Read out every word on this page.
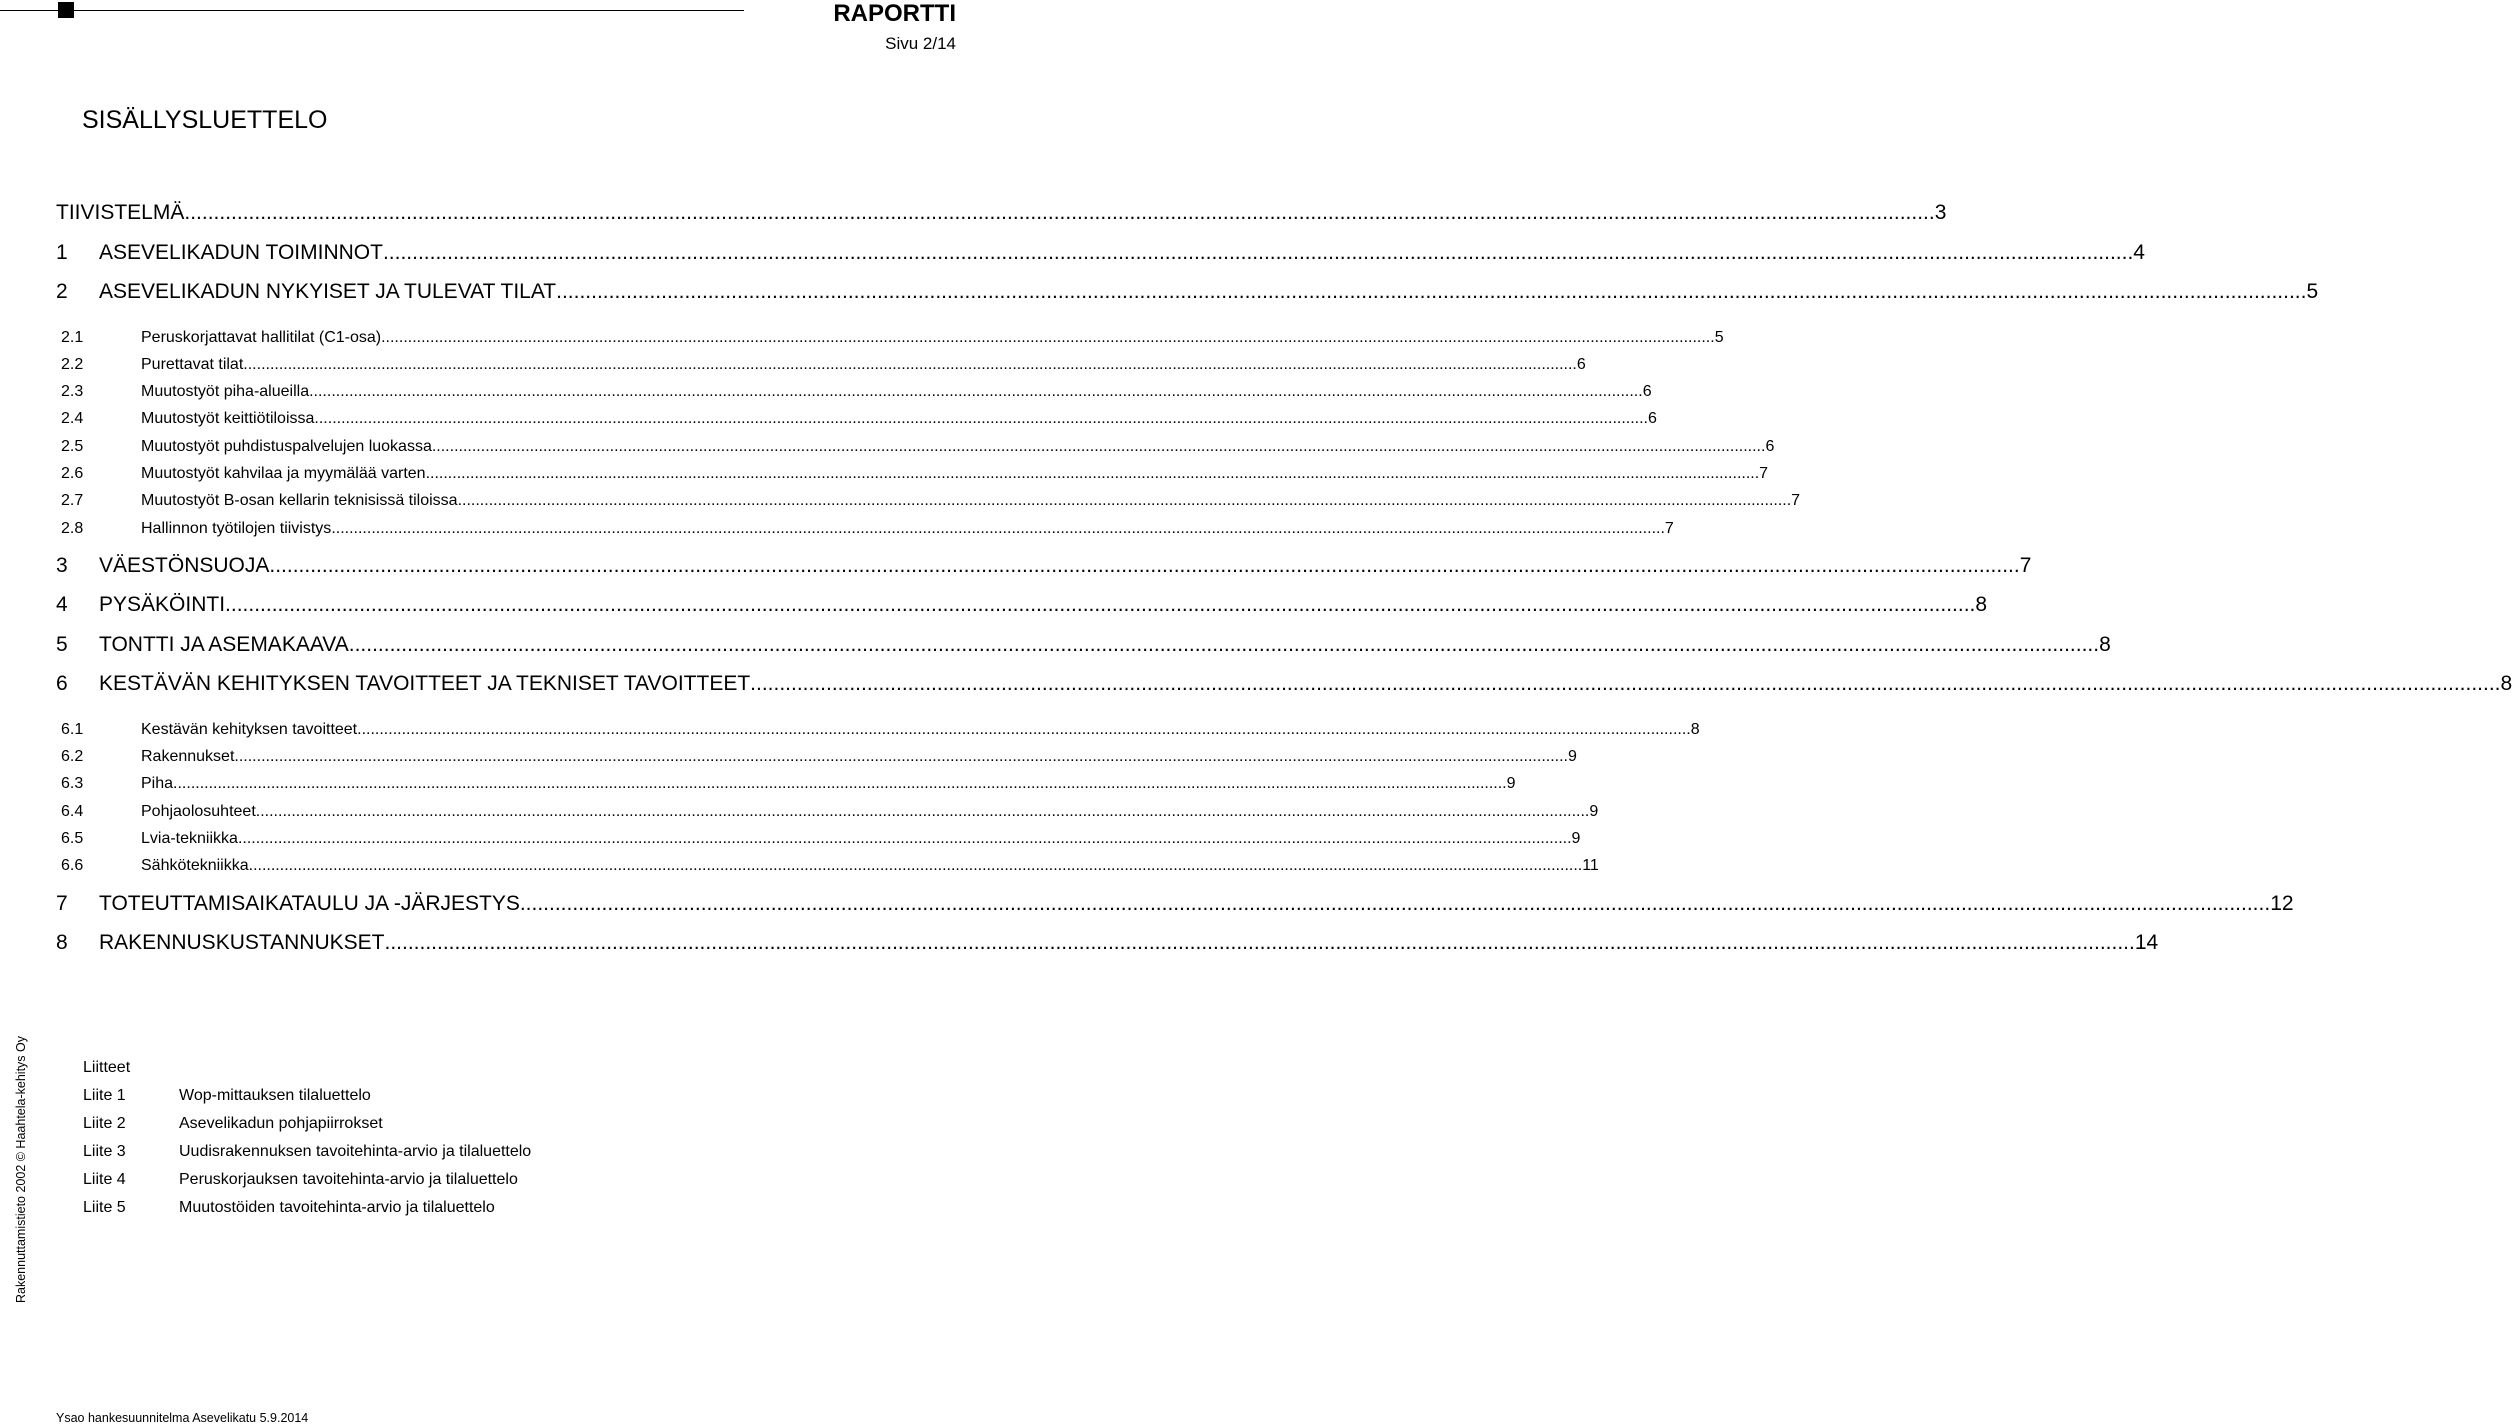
RAPORTTI
Sivu 2/14
SISÄLLYSLUETTELO
TIIVISTELMÄ ............................................................................................................................................................................................................................................................................................................ 3
1	ASEVELIKADUN TOIMINNOT ............................................................................................................................................................................................................................................................................................................ 4
2	ASEVELIKADUN NYKYISET JA TULEVAT TILAT ............................................................................................................................................................................................................................................................................................................ 5
2.1	Peruskorjattavat hallitilat (C1-osa) ............................................................................................................................................................................................................................................................................................................ 5
2.2	Purettavat tilat ............................................................................................................................................................................................................................................................................................................ 6
2.3	Muutostyöt piha-alueilla ............................................................................................................................................................................................................................................................................................................ 6
2.4	Muutostyöt keittiötiloissa ............................................................................................................................................................................................................................................................................................................ 6
2.5	Muutostyöt puhdistuspalvelujen luokassa ............................................................................................................................................................................................................................................................................................................ 6
2.6	Muutostyöt kahvilaa ja myymälää varten ............................................................................................................................................................................................................................................................................................................ 7
2.7	Muutostyöt B-osan kellarin teknisissä tiloissa ............................................................................................................................................................................................................................................................................................................ 7
2.8	Hallinnon työtilojen tiivistys ............................................................................................................................................................................................................................................................................................................ 7
3	VÄESTÖNSUOJA ............................................................................................................................................................................................................................................................................................................ 7
4	PYSÄKÖINTI ............................................................................................................................................................................................................................................................................................................ 8
5	TONTTI JA ASEMAKAAVA ............................................................................................................................................................................................................................................................................................................ 8
6	KESTÄVÄN KEHITYKSEN TAVOITTEET JA TEKNISET TAVOITTEET ............................................................................................................................................................................................................................................................................................................ 8
6.1	Kestävän kehityksen tavoitteet ............................................................................................................................................................................................................................................................................................................ 8
6.2	Rakennukset ............................................................................................................................................................................................................................................................................................................ 9
6.3	Piha ............................................................................................................................................................................................................................................................................................................ 9
6.4	Pohjaolosuhteet ............................................................................................................................................................................................................................................................................................................ 9
6.5	Lvia-tekniikka ............................................................................................................................................................................................................................................................................................................ 9
6.6	Sähkötekniikka ............................................................................................................................................................................................................................................................................................................ 11
7	TOTEUTTAMISAIKATAULU JA -JÄRJESTYS ............................................................................................................................................................................................................................................................................................................ 12
8	RAKENNUSKUSTANNUKSET ............................................................................................................................................................................................................................................................................................................ 14
Rakennuttamistieto 2002 © Haahtela-kehitys Oy	Liitteet
Liite 1	Wop-mittauksen tilaluettelo
Liite 2	Asevelikadun pohjapiirrokset
Liite 3	Uudisrakennuksen tavoitehinta-arvio ja tilaluettelo
Liite 4	Peruskorjauksen tavoitehinta-arvio ja tilaluettelo
Liite 5	Muutostöiden tavoitehinta-arvio ja tilaluettelo
Ysao hankesuunnitelma Asevelikatu 5.9.2014
